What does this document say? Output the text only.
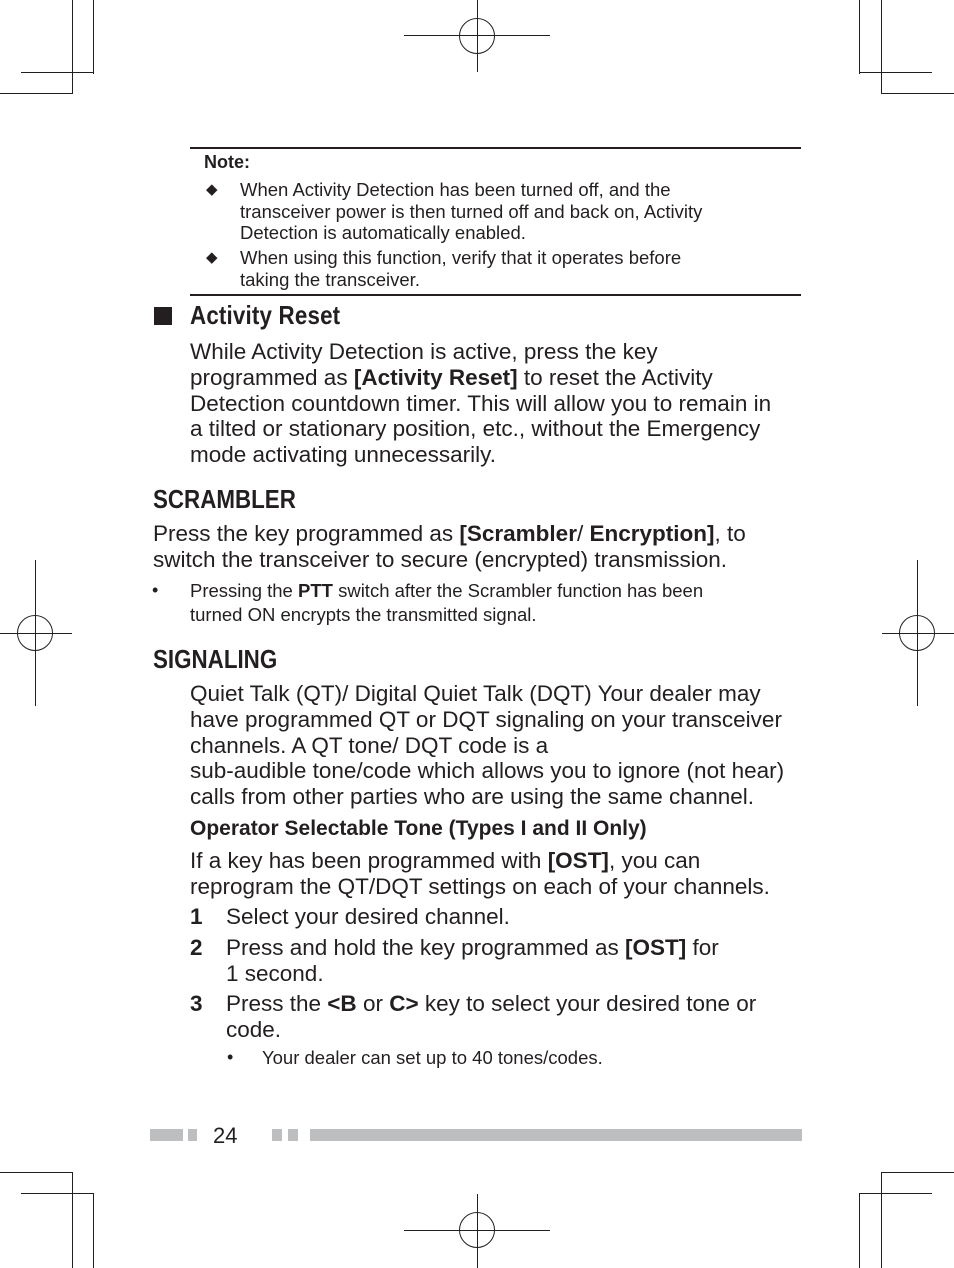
Note:
◆ When Activity Detection has been turned off, and the
transceiver power is then turned off and back on, Activity
Detection is automatically enabled.
◆ When using this function, verify that it operates before
taking the transceiver.
Activity Reset
While Activity Detection is active, press the key
programmed as [Activity Reset] to reset the Activity
Detection countdown timer. This will allow you to remain in
a tilted or stationary position, etc., without the Emergency
mode activating unnecessarily.
SCRAMBLER
Press the key programmed as [Scrambler/ Encryption], to
switch the transceiver to secure (encrypted) transmission.
• Pressing the PTT switch after the Scrambler function has been
turned ON encrypts the transmitted signal.
SIGNALING
Quiet Talk (QT)/ Digital Quiet Talk (DQT) Your dealer may
have programmed QT or DQT signaling on your transceiver
channels. A QT tone/ DQT code is a
sub-audible tone/code which allows you to ignore (not hear)
calls from other parties who are using the same channel.
Operator Selectable Tone (Types I and II Only)
If a key has been programmed with [OST], you can
reprogram the QT/DQT settings on each of your channels.
1 Select your desired channel.
2 Press and hold the key programmed as [OST] for
1 second.
3 Press the <B or C> key to select your desired tone or
code.
• Your dealer can set up to 40 tones/codes.
24
